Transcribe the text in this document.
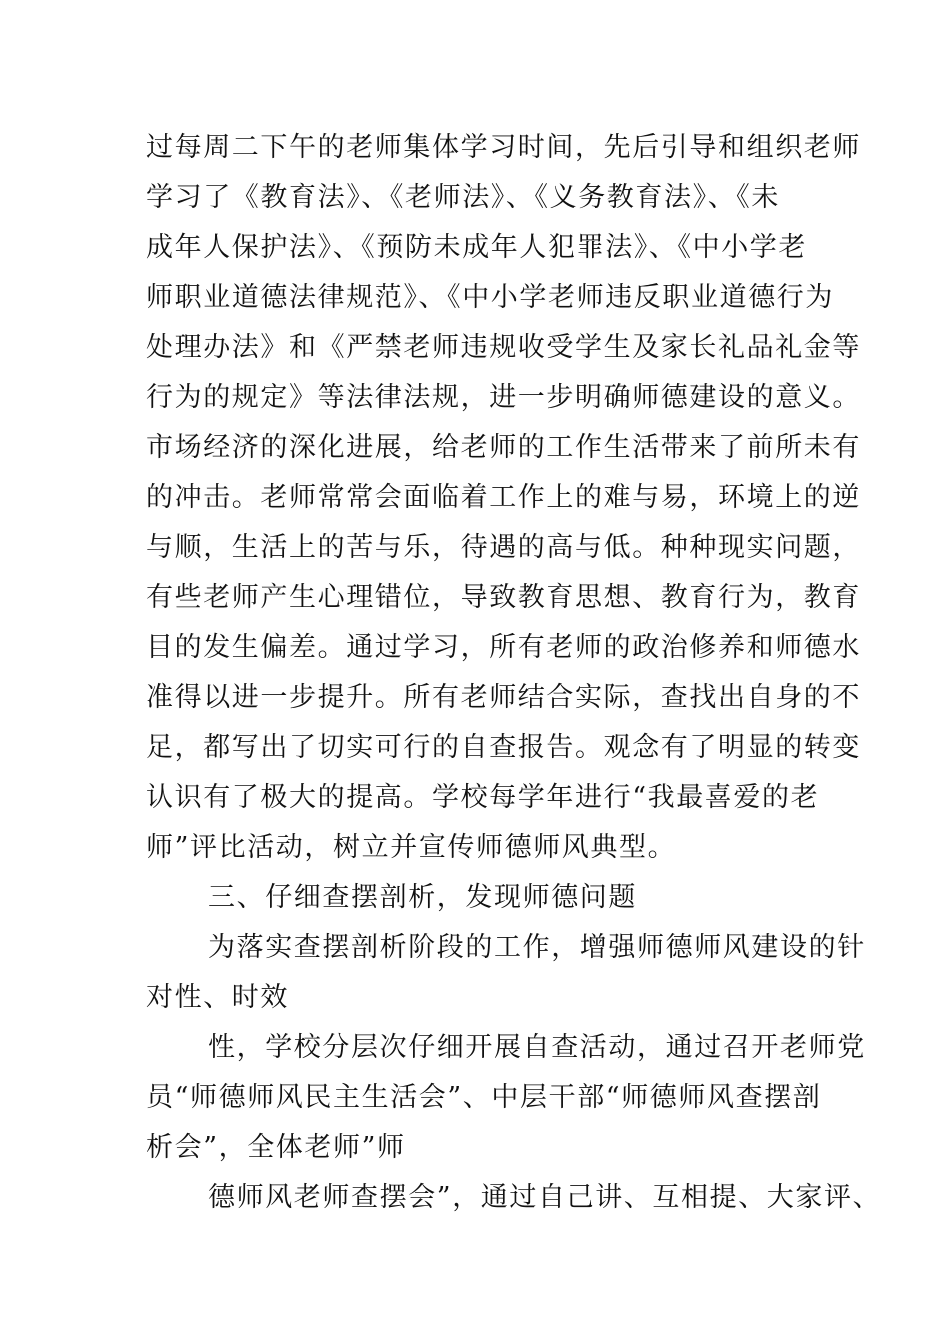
过每周二下午的老师集体学习时间，先后引导和组织老师
学习了《教育法》、《老师法》、《义务教育法》、《未
成年人保护法》、《预防未成年人犯罪法》、《中小学老
师职业道德法律规范》、《中小学老师违反职业道德行为
处理办法》和《严禁老师违规收受学生及家长礼品礼金等
行为的规定》等法律法规，进一步明确师德建设的意义。
市场经济的深化进展，给老师的工作生活带来了前所未有
的冲击。老师常常会面临着工作上的难与易，环境上的逆
与顺，生活上的苦与乐，待遇的高与低。种种现实问题，
有些老师产生心理错位，导致教育思想、教育行为，教育
目的发生偏差。通过学习，所有老师的政治修养和师德水
准得以进一步提升。所有老师结合实际，查找出自身的不
足，都写出了切实可行的自查报告。观念有了明显的转变
认识有了极大的提高。学校每学年进行“我最喜爱的老
师”评比活动，树立并宣传师德师风典型。
三、仔细查摆剖析，发现师德问题
为落实查摆剖析阶段的工作，增强师德师风建设的针
对性、时效
性，学校分层次仔细开展自查活动，通过召开老师党
员“师德师风民主生活会”、中层干部“师德师风查摆剖
析会”，全体老师”师
德师风老师查摆会”，通过自己讲、互相提、大家评、
